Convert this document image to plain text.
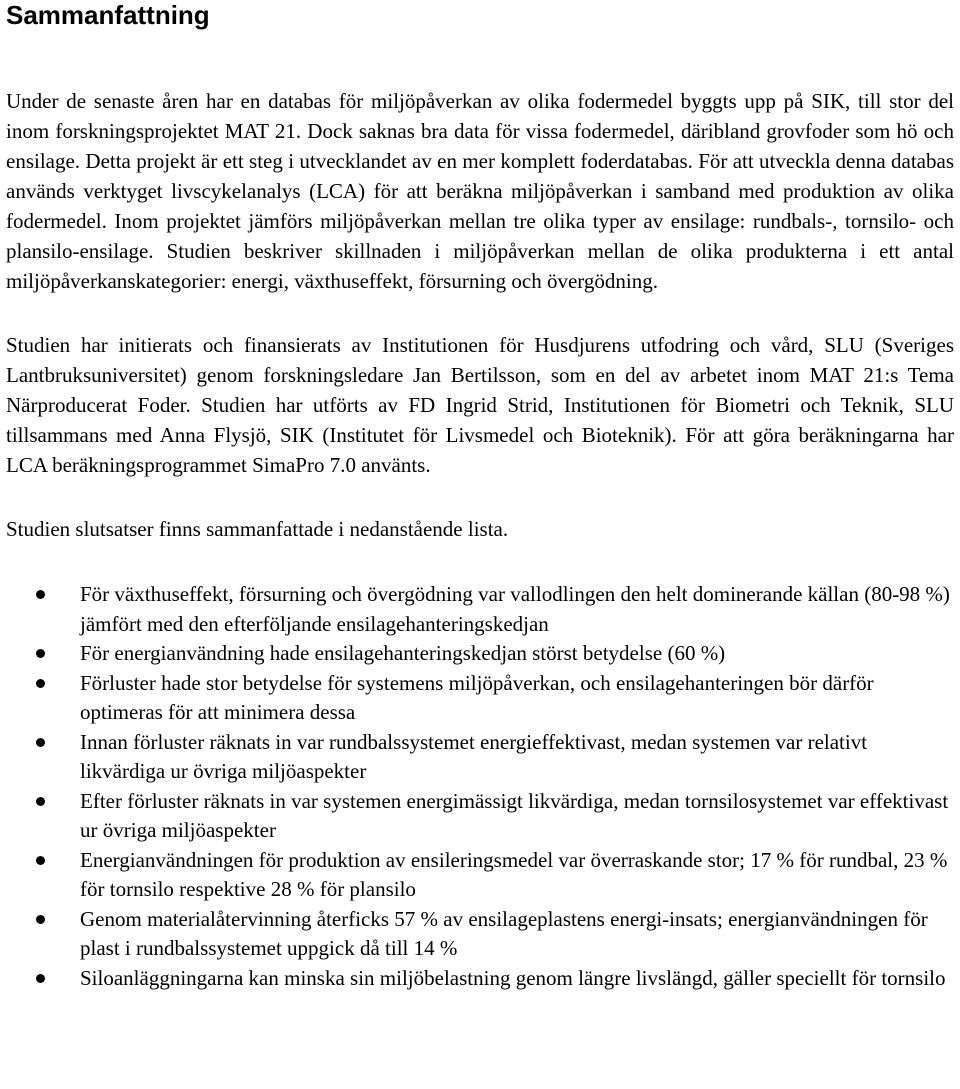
Sammanfattning

Under de senaste åren har en databas för miljöpåverkan av olika fodermedel byggts upp på SIK, till stor del inom forskningsprojektet MAT 21. Dock saknas bra data för vissa fodermedel, däribland grovfoder som hö och ensilage. Detta projekt är ett steg i utvecklandet av en mer komplett foderdatabas. För att utveckla denna databas används verktyget livscykelanalys (LCA) för att beräkna miljöpåverkan i samband med produktion av olika fodermedel. Inom projektet jämförs miljöpåverkan mellan tre olika typer av ensilage: rundbals-, tornsilo- och plansilo-ensilage. Studien beskriver skillnaden i miljöpåverkan mellan de olika produkterna i ett antal miljöpåverkanskategorier: energi, växthuseffekt, försurning och övergödning.

Studien har initierats och finansierats av Institutionen för Husdjurens utfodring och vård, SLU (Sveriges Lantbruksuniversitet) genom forskningsledare Jan Bertilsson, som en del av arbetet inom MAT 21:s Tema Närproducerat Foder. Studien har utförts av FD Ingrid Strid, Institutionen för Biometri och Teknik, SLU tillsammans med Anna Flysjö, SIK (Institutet för Livsmedel och Bioteknik). För att göra beräkningarna har LCA beräkningsprogrammet SimaPro 7.0 använts.

Studien slutsatser finns sammanfattade i nedanstående lista.

För växthuseffekt, försurning och övergödning var vallodlingen den helt dominerande källan (80-98 %) jämfört med den efterföljande ensilagehanteringskedjan
För energianvändning hade ensilagehanteringskedjan störst betydelse (60 %)
Förluster hade stor betydelse för systemens miljöpåverkan, och ensilagehanteringen bör därför optimeras för att minimera dessa
Innan förluster räknats in var rundbalssystemet energieffektivast, medan systemen var relativt likvärdiga ur övriga miljöaspekter
Efter förluster räknats in var systemen energimässigt likvärdiga, medan tornsilosystemet var effektivast ur övriga miljöaspekter
Energianvändningen för produktion av ensileringsmedel var överraskande stor; 17 % för rundbal, 23 % för tornsilo respektive 28 % för plansilo
Genom materialåtervinning återficks 57 % av ensilageplastens energi-insats; energianvändningen för plast i rundbalssystemet uppgick då till 14 %
Siloanläggningarna kan minska sin miljöbelastning genom längre livslängd, gäller speciellt för tornsilo
